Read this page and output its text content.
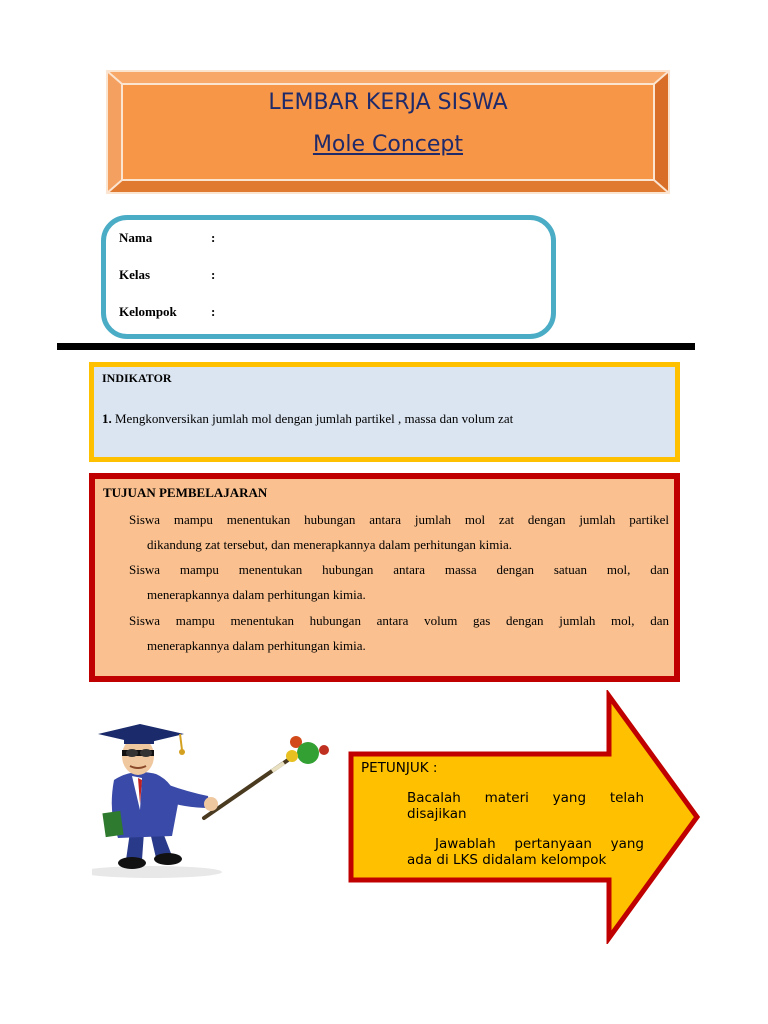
LEMBAR KERJA SISWA
Mole Concept
Nama	:
Kelas	:
Kelompok	:
INDIKATOR
1. Mengkonversikan jumlah mol dengan jumlah partikel , massa dan volum zat
TUJUAN PEMBELAJARAN
Siswa mampu menentukan hubungan antara jumlah mol zat dengan jumlah partikel
dikandung zat tersebut, dan menerapkannya dalam perhitungan kimia.
Siswa mampu menentukan hubungan antara massa dengan satuan mol, dan
menerapkannya dalam perhitungan kimia.
Siswa mampu menentukan hubungan antara volum gas dengan jumlah mol, dan
menerapkannya dalam perhitungan kimia.
PETUNJUK :
Bacalah materi yang telah disajikan
Jawablah pertanyaan yang ada di LKS didalam kelompok
